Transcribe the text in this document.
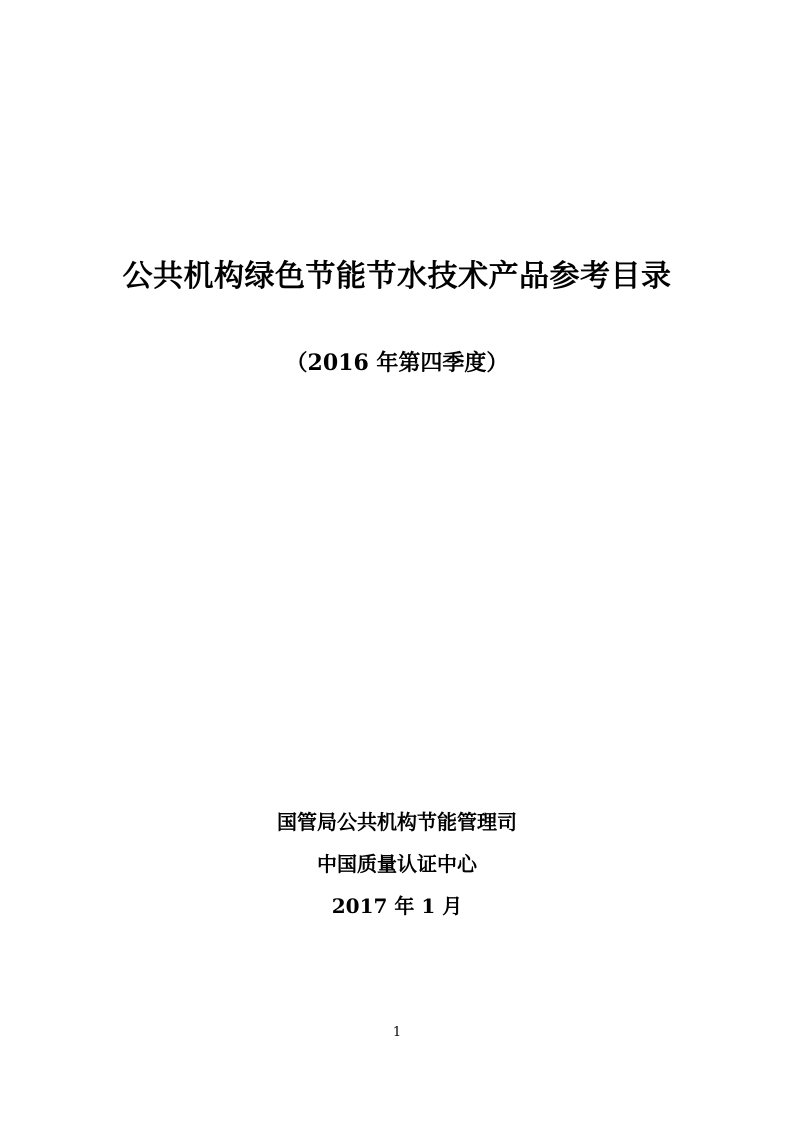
公共机构绿色节能节水技术产品参考目录
（2016 年第四季度）
国管局公共机构节能管理司
中国质量认证中心
2017 年 1 月
1
